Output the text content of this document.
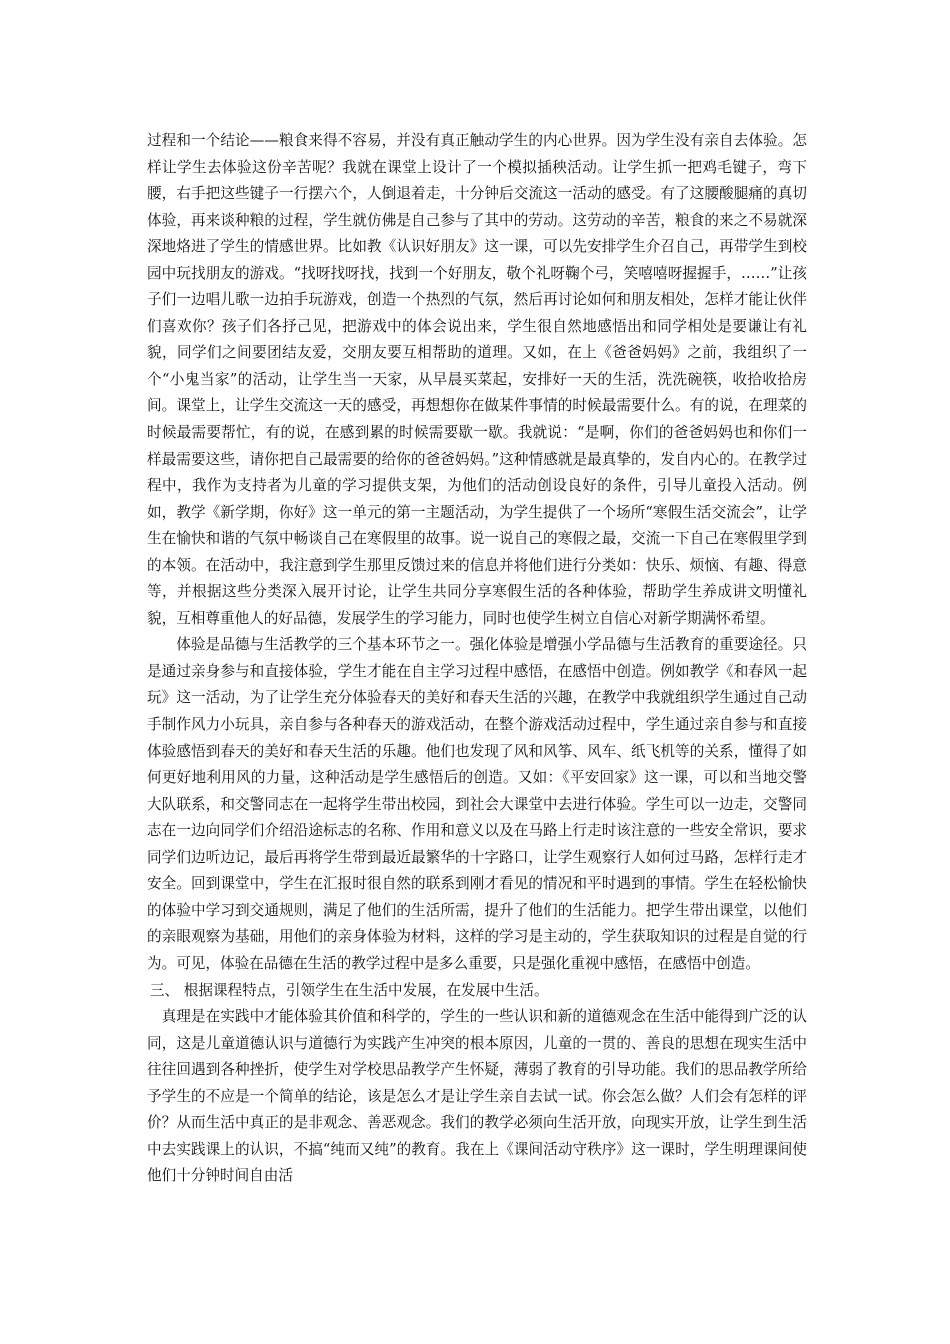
过程和一个结论——粮食来得不容易，并没有真正触动学生的内心世界。因为学生没有亲自去体验。怎样让学生去体验这份辛苦呢？我就在课堂上设计了一个模拟插秧活动。让学生抓一把鸡毛键子，弯下腰，右手把这些键子一行摆六个，人倒退着走，十分钟后交流这一活动的感受。有了这腰酸腿痛的真切体验，再来谈种粮的过程，学生就仿佛是自己参与了其中的劳动。这劳动的辛苦，粮食的来之不易就深深地烙进了学生的情感世界。比如教《认识好朋友》这一课，可以先安排学生介召自己，再带学生到校园中玩找朋友的游戏。“找呀找呀找，找到一个好朋友，敬个礼呀鞠个弓，笑嘻嘻呀握握手，……”让孩子们一边唱儿歌一边拍手玩游戏，创造一个热烈的气氛，然后再讨论如何和朋友相处，怎样才能让伙伴们喜欢你？孩子们各抒己见，把游戏中的体会说出来，学生很自然地感悟出和同学相处是要谦让有礼貌，同学们之间要团结友爱，交朋友要互相帮助的道理。又如，在上《爸爸妈妈》之前，我组织了一个“小鬼当家”的活动，让学生当一天家，从早晨买菜起，安排好一天的生活，洗洗碗筷，收拾收拾房间。课堂上，让学生交流这一天的感受，再想想你在做某件事情的时候最需要什么。有的说，在理菜的时候最需要帮忙，有的说，在感到累的时候需要歇一歇。我就说：“是啊，你们的爸爸妈妈也和你们一样最需要这些，请你把自己最需要的给你的爸爸妈妈。”这种情感就是最真挚的，发自内心的。在教学过程中，我作为支持者为儿童的学习提供支架，为他们的活动创设良好的条件，引导儿童投入活动。例如，教学《新学期，你好》这一单元的第一主题活动，为学生提供了一个场所“寒假生活交流会”，让学生在愉快和谐的气氛中畅谈自己在寒假里的故事。说一说自己的寒假之最，交流一下自己在寒假里学到的本领。在活动中，我注意到学生那里反馈过来的信息并将他们进行分类如：快乐、烦恼、有趣、得意等，并根据这些分类深入展开讨论，让学生共同分享寒假生活的各种体验，帮助学生养成讲文明懂礼貌，互相尊重他人的好品德，发展学生的学习能力，同时也使学生树立自信心对新学期满怀希望。

体验是品德与生活教学的三个基本环节之一。强化体验是增强小学品德与生活教育的重要途径。只是通过亲身参与和直接体验，学生才能在自主学习过程中感悟，在感悟中创造。例如教学《和春风一起玩》这一活动，为了让学生充分体验春天的美好和春天生活的兴趣，在教学中我就组织学生通过自己动手制作风力小玩具，亲自参与各种春天的游戏活动，在整个游戏活动过程中，学生通过亲自参与和直接体验感悟到春天的美好和春天生活的乐趣。他们也发现了风和风筝、风车、纸飞机等的关系，懂得了如何更好地利用风的力量，这种活动是学生感悟后的创造。又如：《平安回家》这一课，可以和当地交警大队联系，和交警同志在一起将学生带出校园，到社会大课堂中去进行体验。学生可以一边走，交警同志在一边向同学们介绍沿途标志的名称、作用和意义以及在马路上行走时该注意的一些安全常识，要求同学们边听边记，最后再将学生带到最近最繁华的十字路口，让学生观察行人如何过马路，怎样行走才安全。回到课堂中，学生在汇报时很自然的联系到刚才看见的情况和平时遇到的事情。学生在轻松愉快的体验中学习到交通规则，满足了他们的生活所需，提升了他们的生活能力。把学生带出课堂，以他们的亲眼观察为基础，用他们的亲身体验为材料，这样的学习是主动的，学生获取知识的过程是自觉的行为。可见，体验在品德在生活的教学过程中是多么重要，只是强化重视中感悟，在感悟中创造。

三、 根据课程特点，引领学生在生活中发展，在发展中生活。

真理是在实践中才能体验其价值和科学的，学生的一些认识和新的道德观念在生活中能得到广泛的认同，这是儿童道德认识与道德行为实践产生冲突的根本原因，儿童的一贯的、善良的思想在现实生活中往往回遇到各种挫折，使学生对学校思品教学产生怀疑，薄弱了教育的引导功能。我们的思品教学所给予学生的不应是一个简单的结论，该是怎么才是让学生亲自去试一试。你会怎么做？人们会有怎样的评价？从而生活中真正的是非观念、善恶观念。我们的教学必须向生活开放，向现实开放，让学生到生活中去实践课上的认识，不搞“纯而又纯”的教育。我在上《课间活动守秩序》这一课时，学生明理课间使他们十分钟时间自由活
